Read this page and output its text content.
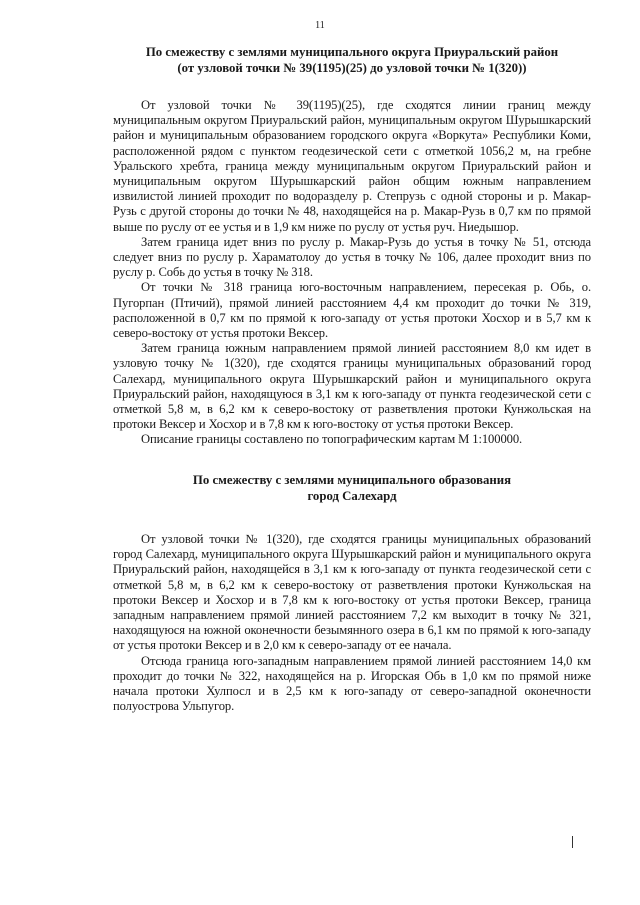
11
По смежеству с землями муниципального округа Приуральский район
(от узловой точки № 39(1195)(25) до узловой точки № 1(320))

От узловой точки № 39(1195)(25), где сходятся линии границ между муниципальным округом Приуральский район, муниципальным округом Шурышкарский район и муниципальным образованием городского округа «Воркута» Республики Коми, расположенной рядом с пунктом геодезической сети с отметкой 1056,2 м, на гребне Уральского хребта, граница между муниципальным округом Приуральский район и муниципальным округом Шурышкарский район общим южным направлением извилистой линией проходит по водоразделу р. Степрузь с одной стороны и р. Макар-Рузь с другой стороны до точки № 48, находящейся на р. Макар-Рузь в 0,7 км по прямой выше по руслу от ее устья и в 1,9 км ниже по руслу от устья руч. Ниедышор.

Затем граница идет вниз по руслу р. Макар-Рузь до устья в точку № 51, отсюда следует вниз по руслу р. Хараматолоу до устья в точку № 106, далее проходит вниз по руслу р. Собь до устья в точку № 318.

От точки № 318 граница юго-восточным направлением, пересекая р. Обь, о. Пугорпан (Птичий), прямой линией расстоянием 4,4 км проходит до точки № 319, расположенной в 0,7 км по прямой к юго-западу от устья протоки Хосхор и в 5,7 км к северо-востоку от устья протоки Вексер.

Затем граница южным направлением прямой линией расстоянием 8,0 км идет в узловую точку № 1(320), где сходятся границы муниципальных образований город Салехард, муниципального округа Шурышкарский район и муниципального округа Приуральский район, находящуюся в 3,1 км к юго-западу от пункта геодезической сети с отметкой 5,8 м, в 6,2 км к северо-востоку от разветвления протоки Кунжольская на протоки Вексер и Хосхор и в 7,8 км к юго-востоку от устья протоки Вексер.

Описание границы составлено по топографическим картам М 1:100000.

По смежеству с землями муниципального образования
город Салехард

От узловой точки № 1(320), где сходятся границы муниципальных образований город Салехард, муниципального округа Шурышкарский район и муниципального округа Приуральский район, находящейся в 3,1 км к юго-западу от пункта геодезической сети с отметкой 5,8 м, в 6,2 км к северо-востоку от разветвления протоки Кунжольская на протоки Вексер и Хосхор и в 7,8 км к юго-востоку от устья протоки Вексер, граница западным направлением прямой линией расстоянием 7,2 км выходит в точку № 321, находящуюся на южной оконечности безымянного озера в 6,1 км по прямой к юго-западу от устья протоки Вексер и в 2,0 км к северо-западу от ее начала.

Отсюда граница юго-западным направлением прямой линией расстоянием 14,0 км проходит до точки № 322, находящейся на р. Игорская Обь в 1,0 км по прямой ниже начала протоки Хулпосл и в 2,5 км к юго-западу от северо-западной оконечности полуострова Ульпугор.
